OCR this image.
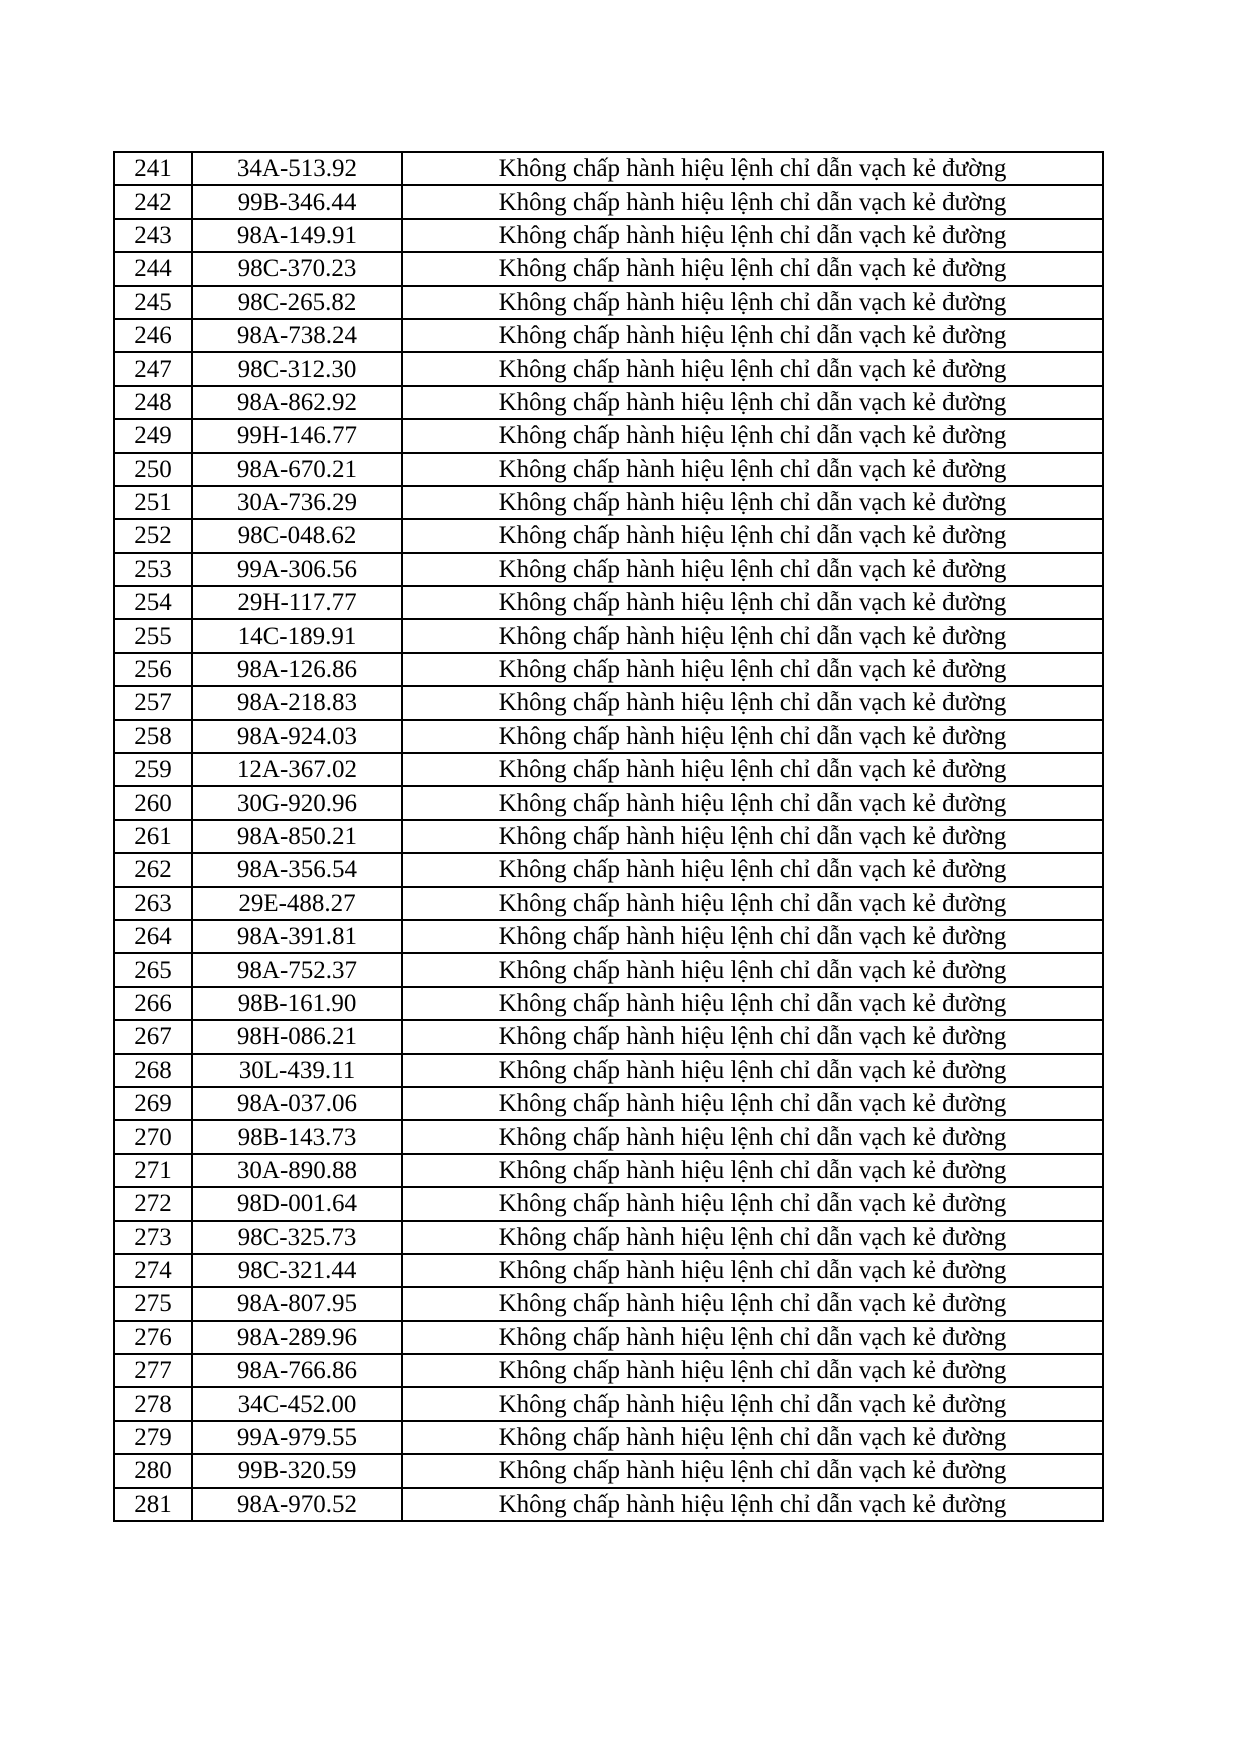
241	34A-513.92	Không chấp hành hiệu lệnh chỉ dẫn vạch kẻ đường
242	99B-346.44	Không chấp hành hiệu lệnh chỉ dẫn vạch kẻ đường
243	98A-149.91	Không chấp hành hiệu lệnh chỉ dẫn vạch kẻ đường
244	98C-370.23	Không chấp hành hiệu lệnh chỉ dẫn vạch kẻ đường
245	98C-265.82	Không chấp hành hiệu lệnh chỉ dẫn vạch kẻ đường
246	98A-738.24	Không chấp hành hiệu lệnh chỉ dẫn vạch kẻ đường
247	98C-312.30	Không chấp hành hiệu lệnh chỉ dẫn vạch kẻ đường
248	98A-862.92	Không chấp hành hiệu lệnh chỉ dẫn vạch kẻ đường
249	99H-146.77	Không chấp hành hiệu lệnh chỉ dẫn vạch kẻ đường
250	98A-670.21	Không chấp hành hiệu lệnh chỉ dẫn vạch kẻ đường
251	30A-736.29	Không chấp hành hiệu lệnh chỉ dẫn vạch kẻ đường
252	98C-048.62	Không chấp hành hiệu lệnh chỉ dẫn vạch kẻ đường
253	99A-306.56	Không chấp hành hiệu lệnh chỉ dẫn vạch kẻ đường
254	29H-117.77	Không chấp hành hiệu lệnh chỉ dẫn vạch kẻ đường
255	14C-189.91	Không chấp hành hiệu lệnh chỉ dẫn vạch kẻ đường
256	98A-126.86	Không chấp hành hiệu lệnh chỉ dẫn vạch kẻ đường
257	98A-218.83	Không chấp hành hiệu lệnh chỉ dẫn vạch kẻ đường
258	98A-924.03	Không chấp hành hiệu lệnh chỉ dẫn vạch kẻ đường
259	12A-367.02	Không chấp hành hiệu lệnh chỉ dẫn vạch kẻ đường
260	30G-920.96	Không chấp hành hiệu lệnh chỉ dẫn vạch kẻ đường
261	98A-850.21	Không chấp hành hiệu lệnh chỉ dẫn vạch kẻ đường
262	98A-356.54	Không chấp hành hiệu lệnh chỉ dẫn vạch kẻ đường
263	29E-488.27	Không chấp hành hiệu lệnh chỉ dẫn vạch kẻ đường
264	98A-391.81	Không chấp hành hiệu lệnh chỉ dẫn vạch kẻ đường
265	98A-752.37	Không chấp hành hiệu lệnh chỉ dẫn vạch kẻ đường
266	98B-161.90	Không chấp hành hiệu lệnh chỉ dẫn vạch kẻ đường
267	98H-086.21	Không chấp hành hiệu lệnh chỉ dẫn vạch kẻ đường
268	30L-439.11	Không chấp hành hiệu lệnh chỉ dẫn vạch kẻ đường
269	98A-037.06	Không chấp hành hiệu lệnh chỉ dẫn vạch kẻ đường
270	98B-143.73	Không chấp hành hiệu lệnh chỉ dẫn vạch kẻ đường
271	30A-890.88	Không chấp hành hiệu lệnh chỉ dẫn vạch kẻ đường
272	98D-001.64	Không chấp hành hiệu lệnh chỉ dẫn vạch kẻ đường
273	98C-325.73	Không chấp hành hiệu lệnh chỉ dẫn vạch kẻ đường
274	98C-321.44	Không chấp hành hiệu lệnh chỉ dẫn vạch kẻ đường
275	98A-807.95	Không chấp hành hiệu lệnh chỉ dẫn vạch kẻ đường
276	98A-289.96	Không chấp hành hiệu lệnh chỉ dẫn vạch kẻ đường
277	98A-766.86	Không chấp hành hiệu lệnh chỉ dẫn vạch kẻ đường
278	34C-452.00	Không chấp hành hiệu lệnh chỉ dẫn vạch kẻ đường
279	99A-979.55	Không chấp hành hiệu lệnh chỉ dẫn vạch kẻ đường
280	99B-320.59	Không chấp hành hiệu lệnh chỉ dẫn vạch kẻ đường
281	98A-970.52	Không chấp hành hiệu lệnh chỉ dẫn vạch kẻ đường
